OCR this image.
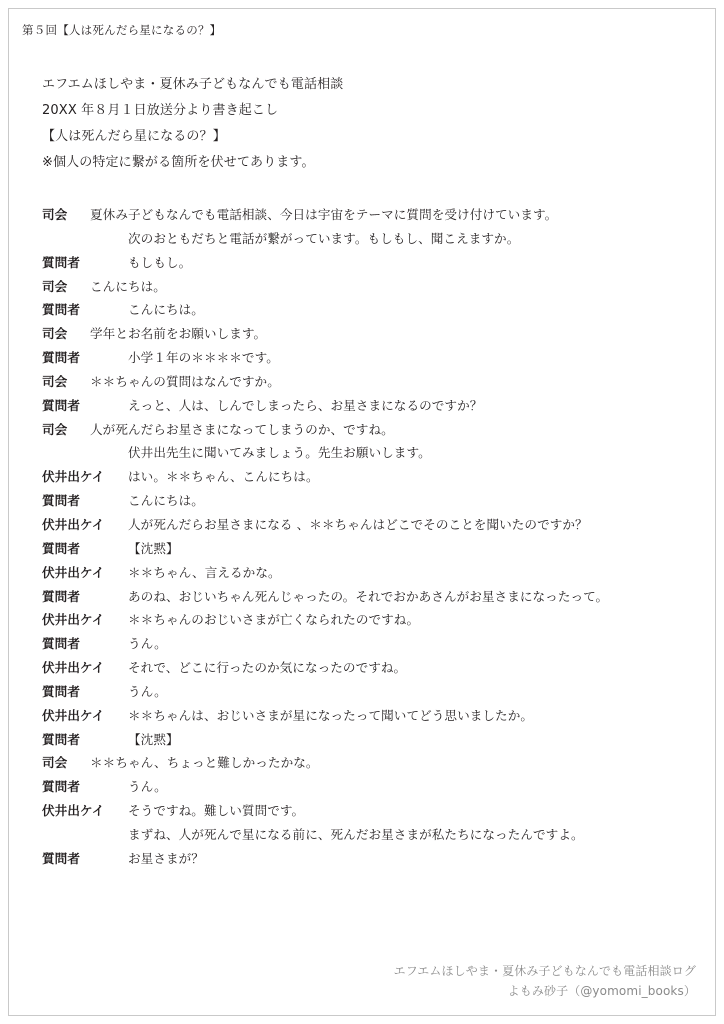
第５回【人は死んだら星になるの？】
エフエムほしやま・夏休み子どもなんでも電話相談
20XX 年８月１日放送分より書き起こし
【人は死んだら星になるの？】
※個人の特定に繋がる箇所を伏せてあります。
司会	夏休み子どもなんでも電話相談、今日は宇宙をテーマに質問を受け付けています。
次のおともだちと電話が繋がっています。もしもし、聞こえますか。
質問者	もしもし。
司会	こんにちは。
質問者	こんにちは。
司会	学年とお名前をお願いします。
質問者	小学１年の＊＊＊＊です。
司会	＊＊ちゃんの質問はなんですか。
質問者	えっと、人は、しんでしまったら、お星さまになるのですか？
司会	人が死んだらお星さまになってしまうのか、ですね。
伏井出先生に聞いてみましょう。先生お願いします。
伏井出ケイ	はい。＊＊ちゃん、こんにちは。
質問者	こんにちは。
伏井出ケイ	人が死んだらお星さまになる 、＊＊ちゃんはどこでそのことを聞いたのですか？
質問者	【沈黙】
伏井出ケイ	＊＊ちゃん、言えるかな。
質問者	あのね、おじいちゃん死んじゃったの。それでおかあさんがお星さまになったって。
伏井出ケイ	＊＊ちゃんのおじいさまが亡くなられたのですね。
質問者	うん。
伏井出ケイ	それで、どこに行ったのか気になったのですね。
質問者	うん。
伏井出ケイ	＊＊ちゃんは、おじいさまが星になったって聞いてどう思いましたか。
質問者	【沈黙】
司会	＊＊ちゃん、ちょっと難しかったかな。
質問者	うん。
伏井出ケイ	そうですね。難しい質問です。
まずね、人が死んで星になる前に、死んだお星さまが私たちになったんですよ。
質問者	お星さまが？
エフエムほしやま・夏休み子どもなんでも電話相談ログ
よもみ砂子（@yomomi_books）
